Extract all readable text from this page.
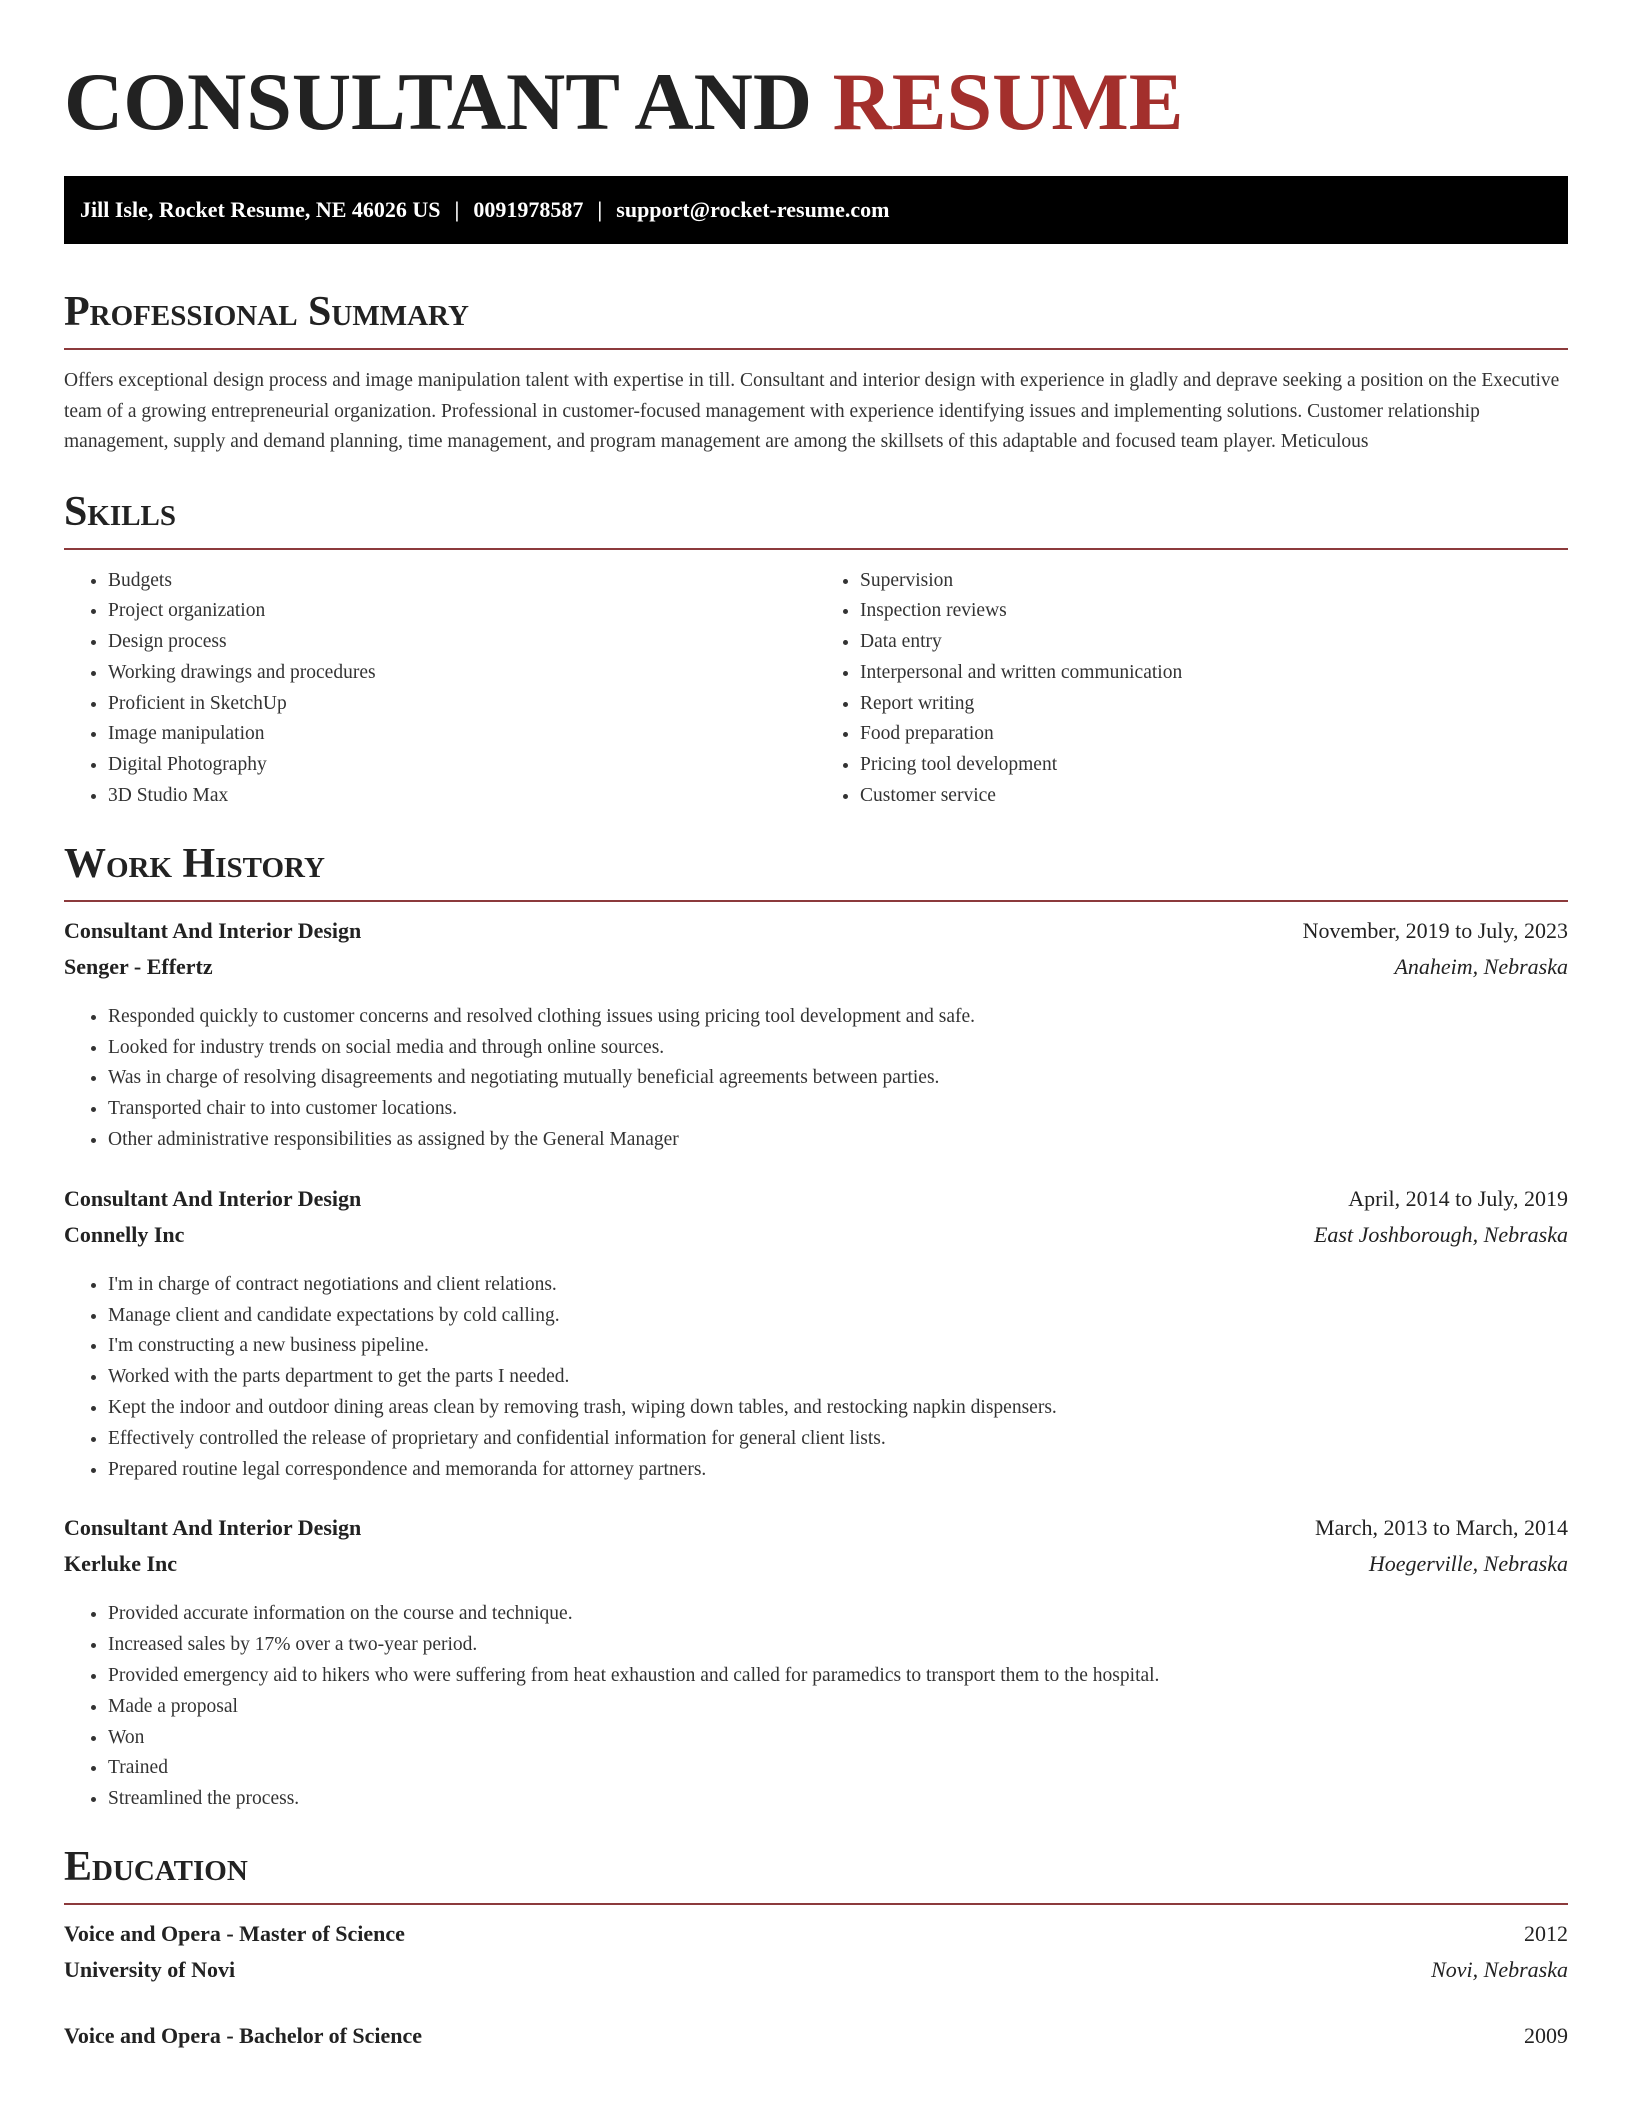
CONSULTANT AND RESUME
Jill Isle, Rocket Resume, NE 46026 US | 0091978587 | support@rocket-resume.com
Professional Summary

Offers exceptional design process and image manipulation talent with expertise in till. Consultant and interior design with experience in gladly and deprave seeking a position on the Executive team of a growing entrepreneurial organization. Professional in customer-focused management with experience identifying issues and implementing solutions. Customer relationship management, supply and demand planning, time management, and program management are among the skillsets of this adaptable and focused team player. Meticulous

Skills
• Budgets
• Project organization
• Design process
• Working drawings and procedures
• Proficient in SketchUp
• Image manipulation
• Digital Photography
• 3D Studio Max
• Supervision
• Inspection reviews
• Data entry
• Interpersonal and written communication
• Report writing
• Food preparation
• Pricing tool development
• Customer service
Work History
Consultant And Interior Design	November, 2019 to July, 2023
Senger - Effertz	Anaheim, Nebraska
• Responded quickly to customer concerns and resolved clothing issues using pricing tool development and safe.
• Looked for industry trends on social media and through online sources.
• Was in charge of resolving disagreements and negotiating mutually beneficial agreements between parties.
• Transported chair to into customer locations.
• Other administrative responsibilities as assigned by the General Manager
Consultant And Interior Design	April, 2014 to July, 2019
Connelly Inc	East Joshborough, Nebraska
• I'm in charge of contract negotiations and client relations.
• Manage client and candidate expectations by cold calling.
• I'm constructing a new business pipeline.
• Worked with the parts department to get the parts I needed.
• Kept the indoor and outdoor dining areas clean by removing trash, wiping down tables, and restocking napkin dispensers.
• Effectively controlled the release of proprietary and confidential information for general client lists.
• Prepared routine legal correspondence and memoranda for attorney partners.
Consultant And Interior Design	March, 2013 to March, 2014
Kerluke Inc	Hoegerville, Nebraska
• Provided accurate information on the course and technique.
• Increased sales by 17% over a two-year period.
• Provided emergency aid to hikers who were suffering from heat exhaustion and called for paramedics to transport them to the hospital.
• Made a proposal
• Won
• Trained
• Streamlined the process.
Education
Voice and Opera - Master of Science	2012
University of Novi	Novi, Nebraska
Voice and Opera - Bachelor of Science	2009
